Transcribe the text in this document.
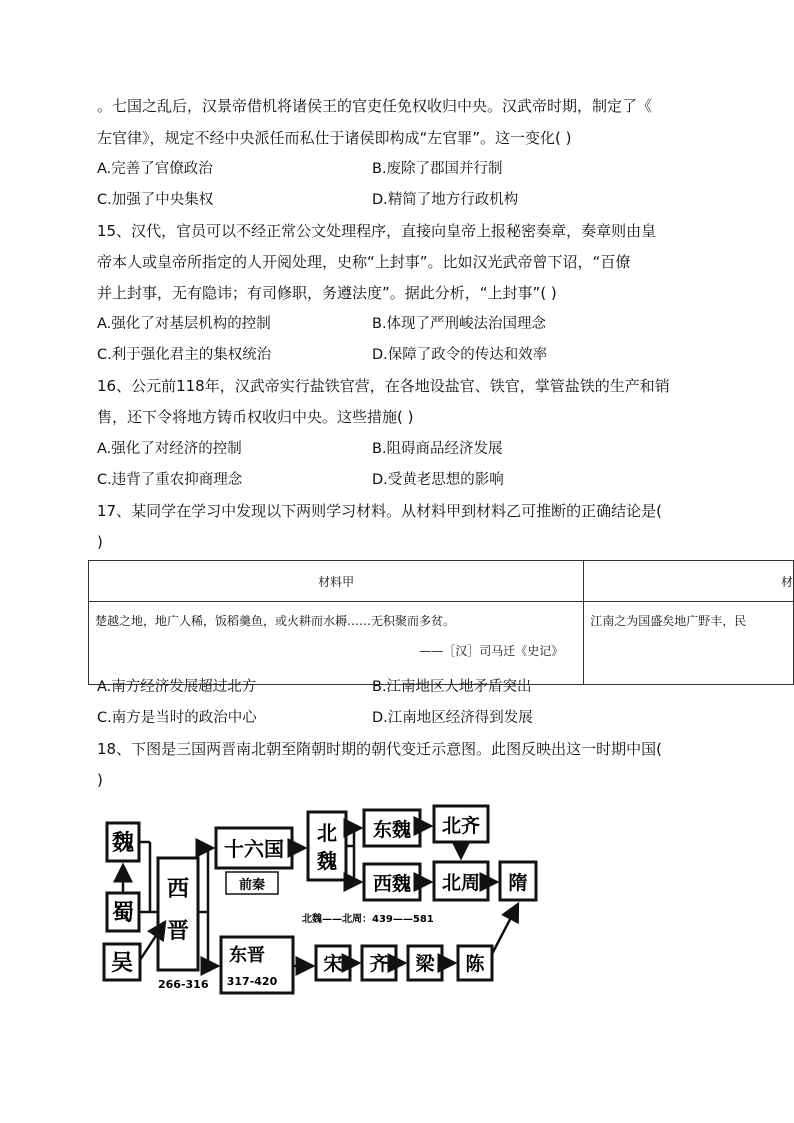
。七国之乱后，汉景帝借机将诸侯王的官吏任免权收归中央。汉武帝时期，制定了《
左官律》，规定不经中央派任而私仕于诸侯即构成“左官罪”。这一变化( )
A.完善了官僚政治	B.废除了郡国并行制
C.加强了中央集权	D.精简了地方行政机构
15、汉代，官员可以不经正常公文处理程序，直接向皇帝上报秘密奏章，奏章则由皇
帝本人或皇帝所指定的人开阅处理，史称“上封事”。比如汉光武帝曾下诏，“百僚
并上封事，无有隐讳；有司修职，务遵法度”。据此分析，“上封事”( )
A.强化了对基层机构的控制	B.体现了严刑峻法治国理念
C.利于强化君主的集权统治	D.保障了政令的传达和效率
16、公元前118年，汉武帝实行盐铁官营，在各地设盐官、铁官，掌管盐铁的生产和销
售，还下令将地方铸币权收归中央。这些措施( )
A.强化了对经济的控制	B.阻碍商品经济发展
C.违背了重农抑商理念	D.受黄老思想的影响
17、某同学在学习中发现以下两则学习材料。从材料甲到材料乙可推断的正确结论是(
)
材料甲	材

楚越之地，地广人稀，饭稻羹鱼，或火耕而水耨……无积聚而多贫。
——［汉］司马迁《史记》	江南之为国盛矣地广野丰，民
A.南方经济发展超过北方	B.江南地区人地矛盾突出
C.南方是当时的政治中心	D.江南地区经济得到发展
18、下图是三国两晋南北朝至隋朝时期的朝代变迁示意图。此图反映出这一时期中国(
)
魏
蜀
吴
西
晋
266-316
十六国
前秦
北
魏
东魏 北齐
西魏 北周 隋
北魏——北周：439——581
东晋
317-420
宋 齐 梁 陈
